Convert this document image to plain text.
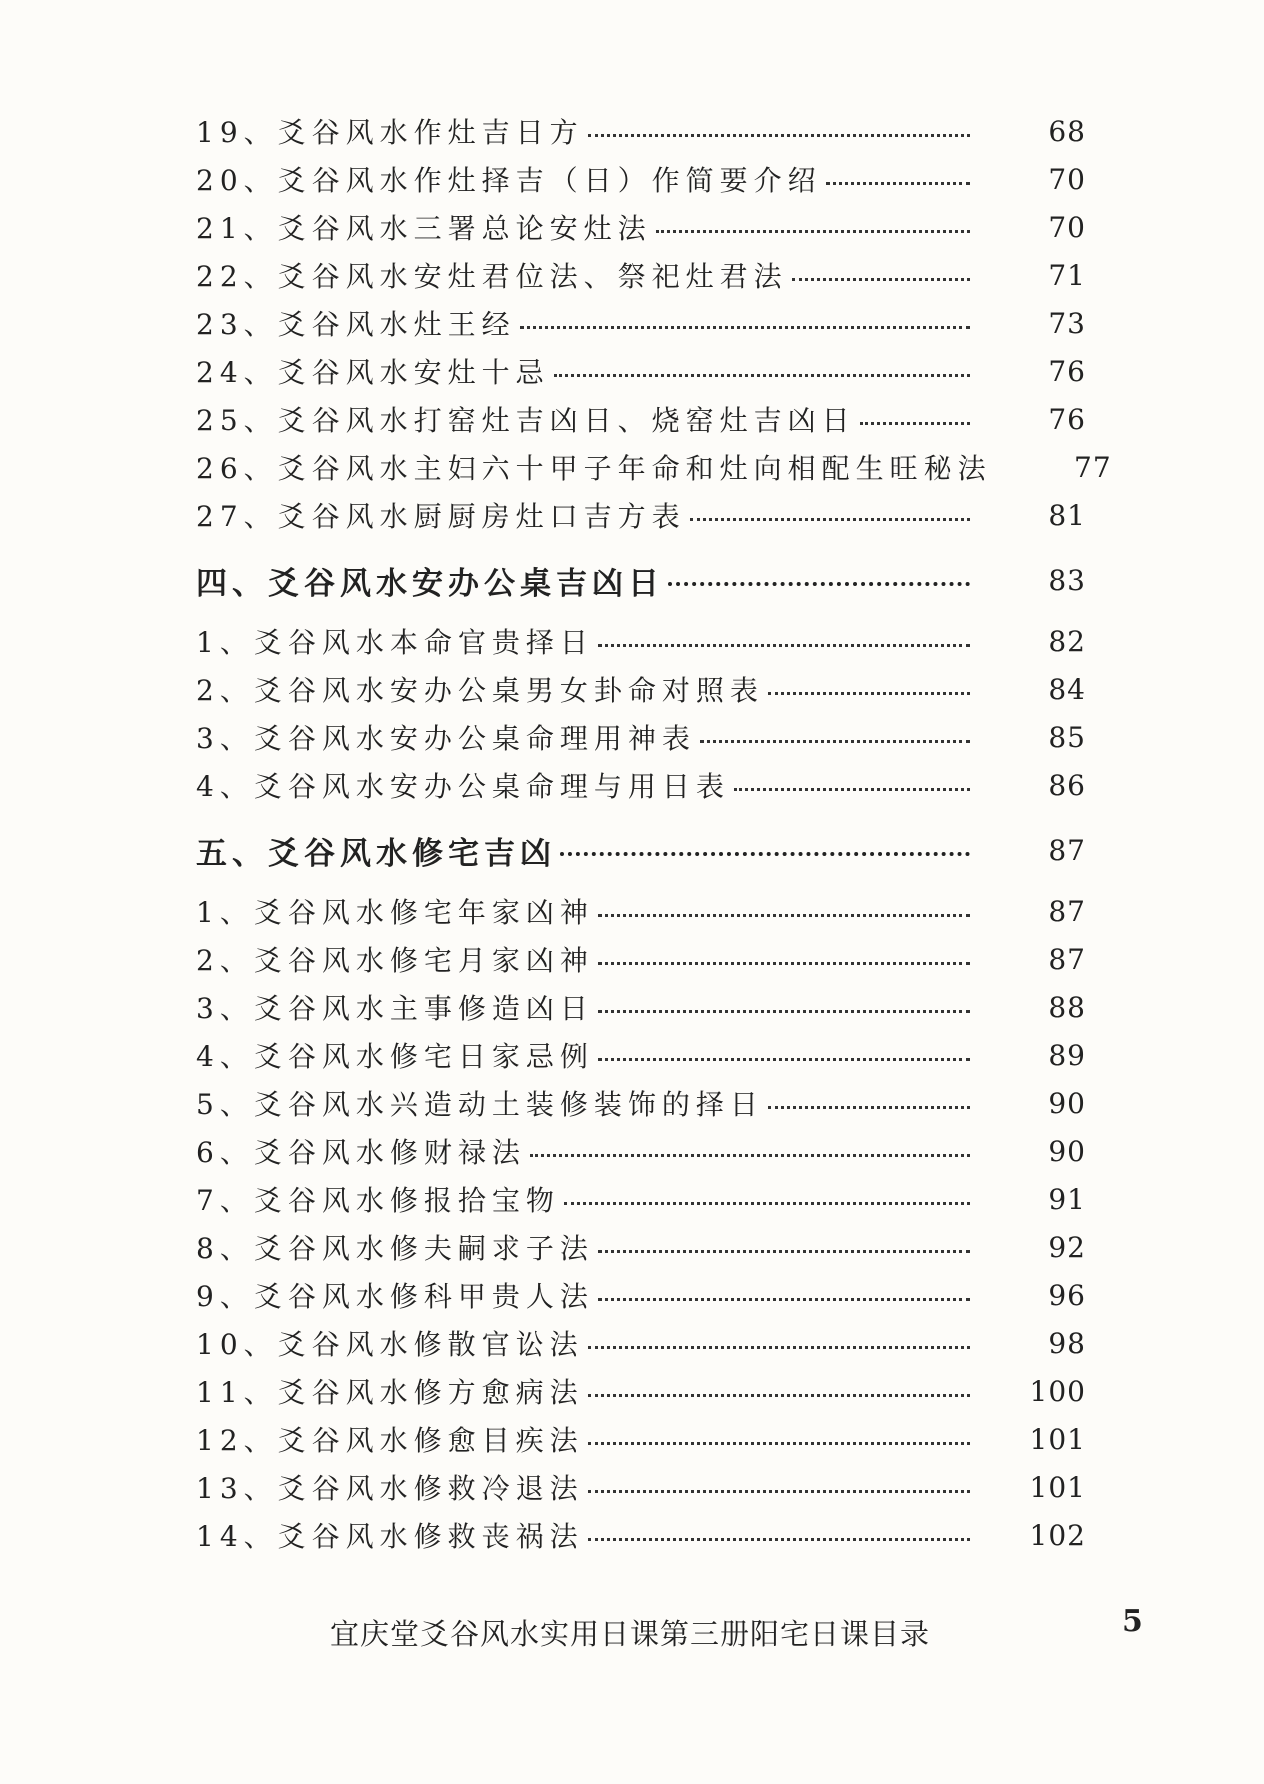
19、爻谷风水作灶吉日方	68
20、爻谷风水作灶择吉（日）作简要介绍	70
21、爻谷风水三署总论安灶法	70
22、爻谷风水安灶君位法、祭祀灶君法	71
23、爻谷风水灶王经	73
24、爻谷风水安灶十忌	76
25、爻谷风水打窑灶吉凶日、烧窑灶吉凶日	76
26、爻谷风水主妇六十甲子年命和灶向相配生旺秘法	77
27、爻谷风水厨厨房灶口吉方表	81
四、爻谷风水安办公桌吉凶日	83
1、爻谷风水本命官贵择日	82
2、爻谷风水安办公桌男女卦命对照表	84
3、爻谷风水安办公桌命理用神表	85
4、爻谷风水安办公桌命理与用日表	86
五、爻谷风水修宅吉凶	87
1、爻谷风水修宅年家凶神	87
2、爻谷风水修宅月家凶神	87
3、爻谷风水主事修造凶日	88
4、爻谷风水修宅日家忌例	89
5、爻谷风水兴造动土装修装饰的择日	90
6、爻谷风水修财禄法	90
7、爻谷风水修报拾宝物	91
8、爻谷风水修夫嗣求子法	92
9、爻谷风水修科甲贵人法	96
10、爻谷风水修散官讼法	98
11、爻谷风水修方愈病法	100
12、爻谷风水修愈目疾法	101
13、爻谷风水修救冷退法	101
14、爻谷风水修救丧祸法	102
宜庆堂爻谷风水实用日课第三册阳宅日课目录	5
